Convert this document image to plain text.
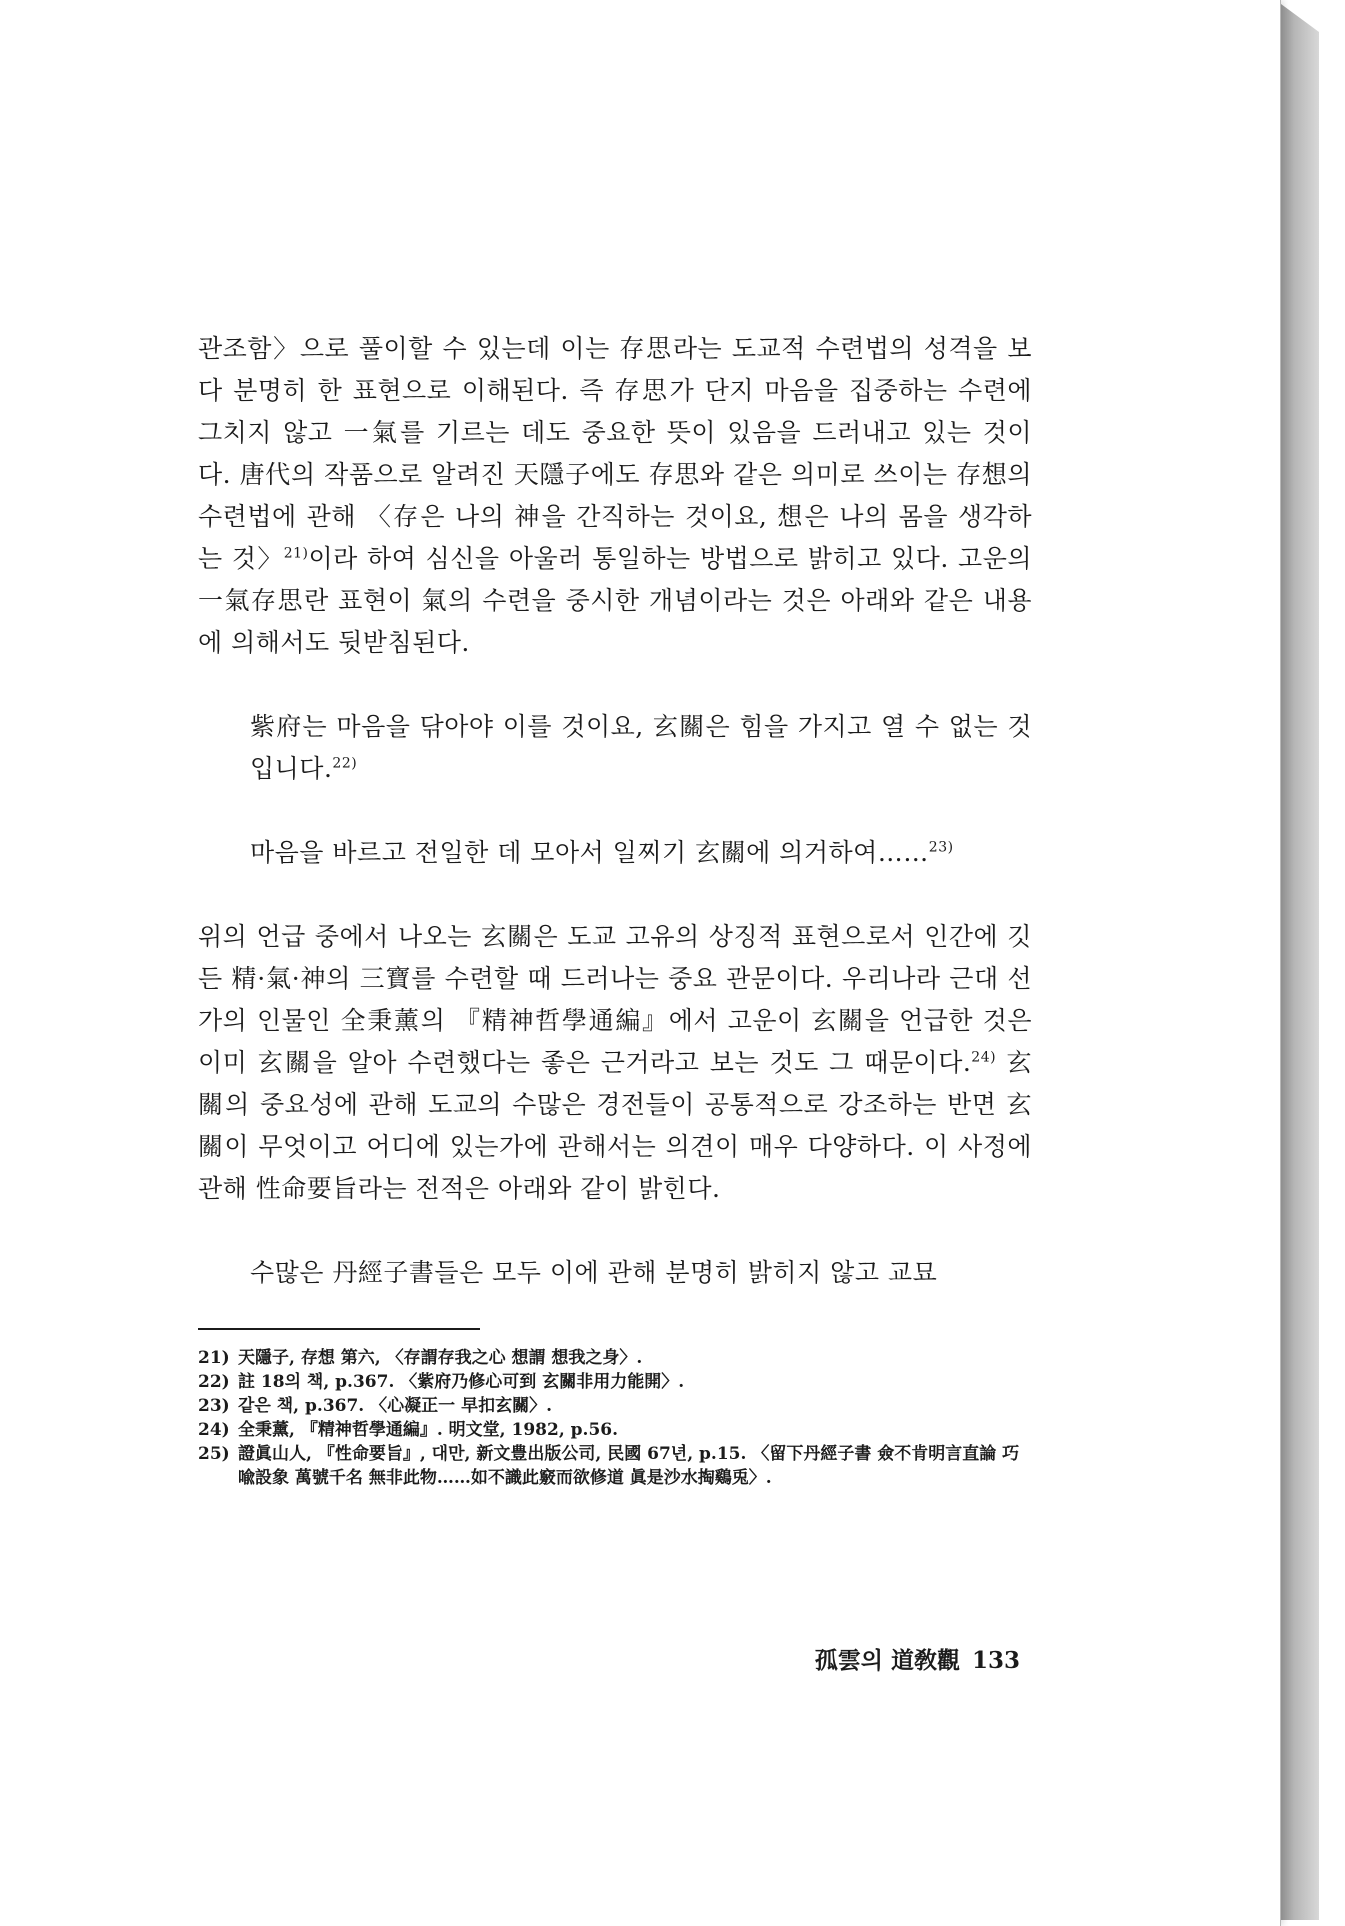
관조함〉으로 풀이할 수 있는데 이는 存思라는 도교적 수련법의 성격을 보다 분명히 한 표현으로 이해된다. 즉 存思가 단지 마음을 집중하는 수련에 그치지 않고 一氣를 기르는 데도 중요한 뜻이 있음을 드러내고 있는 것이다. 唐代의 작품으로 알려진 天隱子에도 存思와 같은 의미로 쓰이는 存想의 수련법에 관해 〈存은 나의 神을 간직하는 것이요, 想은 나의 몸을 생각하는 것〉$^{21)}$이라 하여 심신을 아울러 통일하는 방법으로 밝히고 있다. 고운의 一氣存思란 표현이 氣의 수련을 중시한 개념이라는 것은 아래와 같은 내용에 의해서도 뒷받침된다.

紫府는 마음을 닦아야 이를 것이요, 玄關은 힘을 가지고 열 수 없는 것입니다.$^{22)}$

마음을 바르고 전일한 데 모아서 일찌기 玄關에 의거하여……$^{23)}$

위의 언급 중에서 나오는 玄關은 도교 고유의 상징적 표현으로서 인간에 깃든 精·氣·神의 三寶를 수련할 때 드러나는 중요 관문이다. 우리나라 근대 선가의 인물인 全秉薰의 『精神哲學通編』에서 고운이 玄關을 언급한 것은 이미 玄關을 알아 수련했다는 좋은 근거라고 보는 것도 그 때문이다.$^{24)}$ 玄關의 중요성에 관해 도교의 수많은 경전들이 공통적으로 강조하는 반면 玄關이 무엇이고 어디에 있는가에 관해서는 의견이 매우 다양하다. 이 사정에 관해 性命要旨라는 전적은 아래와 같이 밝힌다.

수많은 丹經子書들은 모두 이에 관해 분명히 밝히지 않고 교묘

21) 天隱子, 存想 第六, 〈存謂存我之心 想謂 想我之身〉.
22) 註 18의 책, p.367. 〈紫府乃修心可到 玄關非用力能開〉.
23) 같은 책, p.367. 〈心凝正一 早扣玄關〉.
24) 全秉薰, 『精神哲學通編』. 明文堂, 1982, p.56.
25) 證眞山人, 『性命要旨』, 대만, 新文豊出版公司, 民國 67년, p.15. 〈留下丹經子書 僉不肯明言直論 巧喩設象 萬號千名 無非此物……如不識此竅而欲修道 眞是沙水掏鷄兎〉.
孤雲의 道敎觀 133
